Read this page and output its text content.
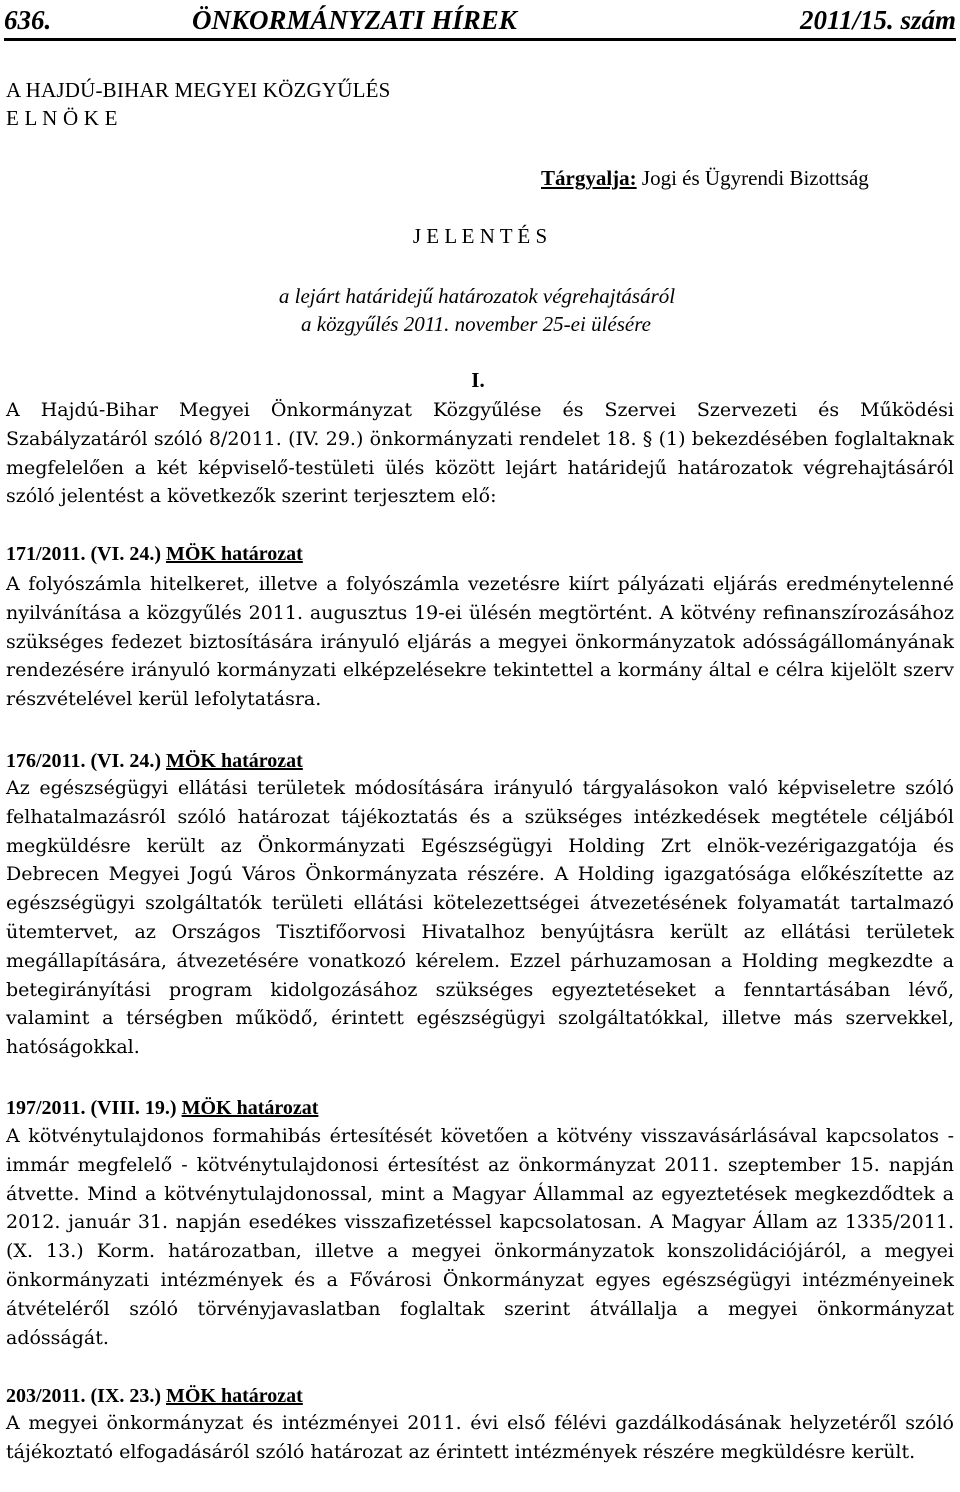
636.	ÖNKORMÁNYZATI HÍREK	2011/15. szám
A HAJDÚ-BIHAR MEGYEI KÖZGYŰLÉS
E L N Ö K E
Tárgyalja: Jogi és Ügyrendi Bizottság
J E L E N T É S
a lejárt határidejű határozatok végrehajtásáról
a közgyűlés 2011. november 25-ei ülésére
I.
A Hajdú-Bihar Megyei Önkormányzat Közgyűlése és Szervei Szervezeti és Működési Szabályzatáról szóló 8/2011. (IV. 29.) önkormányzati rendelet 18. § (1) bekezdésében foglaltaknak megfelelően a két képviselő-testületi ülés között lejárt határidejű határozatok végrehajtásáról szóló jelentést a következők szerint terjesztem elő:
171/2011. (VI. 24.) MÖK határozat
A folyószámla hitelkeret, illetve a folyószámla vezetésre kiírt pályázati eljárás eredménytelenné nyilvánítása a közgyűlés 2011. augusztus 19-ei ülésén megtörtént. A kötvény refinanszírozásához szükséges fedezet biztosítására irányuló eljárás a megyei önkormányzatok adósságállományának rendezésére irányuló kormányzati elképzelésekre tekintettel a kormány által e célra kijelölt szerv részvételével kerül lefolytatásra.
176/2011. (VI. 24.) MÖK határozat
Az egészségügyi ellátási területek módosítására irányuló tárgyalásokon való képviseletre szóló felhatalmazásról szóló határozat tájékoztatás és a szükséges intézkedések megtétele céljából megküldésre került az Önkormányzati Egészségügyi Holding Zrt elnök-vezérigazgatója és Debrecen Megyei Jogú Város Önkormányzata részére. A Holding igazgatósága előkészítette az egészségügyi szolgáltatók területi ellátási kötelezettségei átvezetésének folyamatát tartalmazó ütemtervet, az Országos Tisztifőorvosi Hivatalhoz benyújtásra került az ellátási területek megállapítására, átvezetésére vonatkozó kérelem. Ezzel párhuzamosan a Holding megkezdte a betegirányítási program kidolgozásához szükséges egyeztetéseket a fenntartásában lévő, valamint a térségben működő, érintett egészségügyi szolgáltatókkal, illetve más szervekkel, hatóságokkal.
197/2011. (VIII. 19.) MÖK határozat
A kötvénytulajdonos formahibás értesítését követően a kötvény visszavásárlásával kapcsolatos - immár megfelelő - kötvénytulajdonosi értesítést az önkormányzat 2011. szeptember 15. napján átvette. Mind a kötvénytulajdonossal, mint a Magyar Állammal az egyeztetések megkezdődtek a 2012. január 31. napján esedékes visszafizetéssel kapcsolatosan. A Magyar Állam az 1335/2011. (X. 13.) Korm. határozatban, illetve a megyei önkormányzatok konszolidációjáról, a megyei önkormányzati intézmények és a Fővárosi Önkormányzat egyes egészségügyi intézményeinek átvételéről szóló törvényjavaslatban foglaltak szerint átvállalja a megyei önkormányzat adósságát.
203/2011. (IX. 23.) MÖK határozat
A megyei önkormányzat és intézményei 2011. évi első félévi gazdálkodásának helyzetéről szóló tájékoztató elfogadásáról szóló határozat az érintett intézmények részére megküldésre került.
